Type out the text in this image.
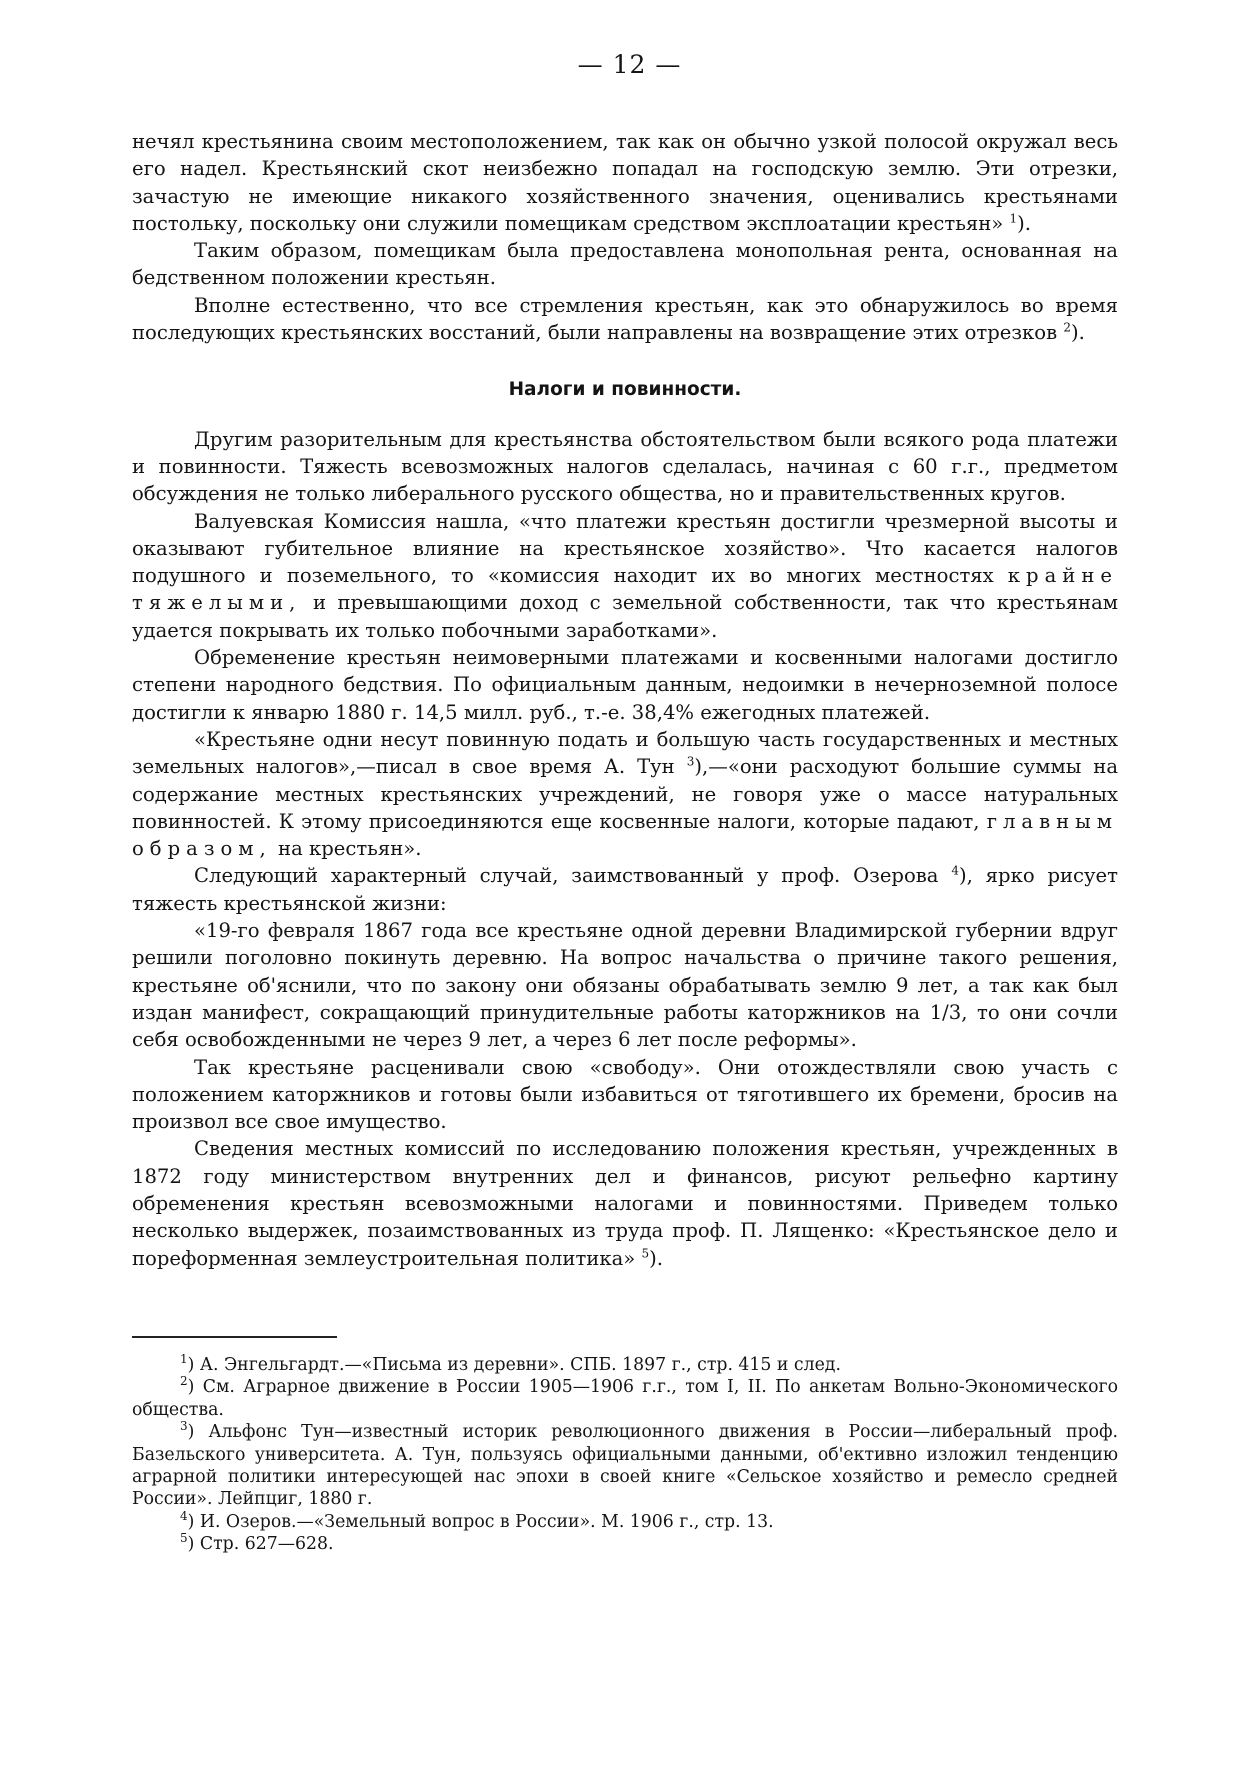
— 12 —

нечял крестьянина своим местоположением, так как он обычно узкой полосой окружал весь его надел. Крестьянский скот неизбежно попадал на господскую землю. Эти отрезки, зачастую не имеющие никакого хозяйственного значения, оценивались крестьянами постольку, поскольку они служили помещикам средством эксплоатации крестьян» $^1$).

Таким образом, помещикам была предоставлена монопольная рента, основанная на бедственном положении крестьян.

Вполне естественно, что все стремления крестьян, как это обнаружилось во время последующих крестьянских восстаний, были направлены на возвращение этих отрезков $^2$).

Налоги и повинности.

Другим разорительным для крестьянства обстоятельством были всякого рода платежи и повинности. Тяжесть всевозможных налогов сделалась, начиная с 60 г.г., предметом обсуждения не только либерального русского общества, но и правительственных кругов.

Валуевская Комиссия нашла, «что платежи крестьян достигли чрезмерной высоты и оказывают губительное влияние на крестьянское хозяйство». Что касается налогов подушного и поземельного, то «комиссия находит их во многих местностях крайне тяжелыми, и превышающими доход с земельной собственности, так что крестьянам удается покрывать их только побочными заработками».

Обременение крестьян неимоверными платежами и косвенными налогами достигло степени народного бедствия. По официальным данным, недоимки в нечерноземной полосе достигли к январю 1880 г. 14,5 милл. руб., т.-е. 38,4% ежегодных платежей.

«Крестьяне одни несут повинную подать и большую часть государственных и местных земельных налогов»,—писал в свое время А. Тун $^3$),—«они расходуют большие суммы на содержание местных крестьянских учреждений, не говоря уже о массе натуральных повинностей. К этому присоединяются еще косвенные налоги, которые падают, главным образом, на крестьян».

Следующий характерный случай, заимствованный у проф. Озерова $^4$), ярко рисует тяжесть крестьянской жизни:

«19-го февраля 1867 года все крестьяне одной деревни Владимирской губернии вдруг решили поголовно покинуть деревню. На вопрос начальства о причине такого решения, крестьяне об'яснили, что по закону они обязаны обрабатывать землю 9 лет, а так как был издан манифест, сокращающий принудительные работы каторжников на 1/3, то они сочли себя освобожденными не через 9 лет, а через 6 лет после реформы».

Так крестьяне расценивали свою «свободу». Они отождествляли свою участь с положением каторжников и готовы были избавиться от тяготившего их бремени, бросив на произвол все свое имущество.

Сведения местных комиссий по исследованию положения крестьян, учрежденных в 1872 году министерством внутренних дел и финансов, рисуют рельефно картину обременения крестьян всевозможными налогами и повинностями. Приведем только несколько выдержек, позаимствованных из труда проф. П. Лященко: «Крестьянское дело и пореформенная землеустроительная политика» $^5$).

$^1$) А. Энгельгардт.—«Письма из деревни». СПБ. 1897 г., стр. 415 и след.

$^2$) См. Аграрное движение в России 1905—1906 г.г., том I, II. По анкетам Вольно-Экономического общества.

$^3$) Альфонс Тун—известный историк революционного движения в России—либеральный проф. Базельского университета. А. Тун, пользуясь официальными данными, об'ективно изложил тенденцию аграрной политики интересующей нас эпохи в своей книге «Сельское хозяйство и ремесло средней России». Лейпциг, 1880 г.

$^4$) И. Озеров.—«Земельный вопрос в России». М. 1906 г., стр. 13.

$^5$) Стр. 627—628.
